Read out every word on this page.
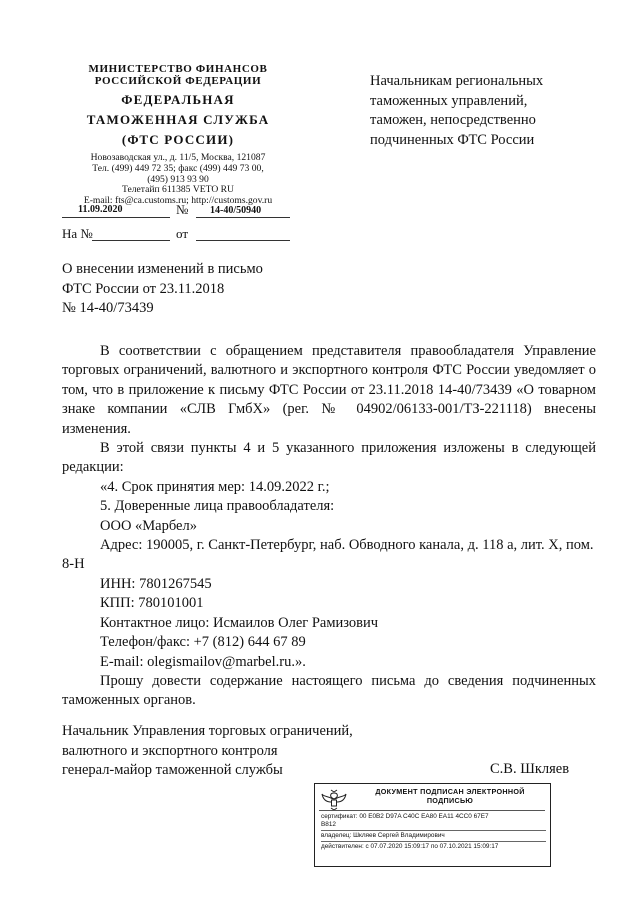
МИНИСТЕРСТВО ФИНАНСОВ
РОССИЙСКОЙ ФЕДЕРАЦИИ
ФЕДЕРАЛЬНАЯ
ТАМОЖЕННАЯ СЛУЖБА
(ФТС РОССИИ)
Новозаводская ул., д. 11/5, Москва, 121087
Тел. (499) 449 72 35; факс (499) 449 73 00,
(495) 913 93 90
Телетайп 611385 VETO RU
E-mail: fts@ca.customs.ru; http://customs.gov.ru
11.09.2020	№ 14-40/50940
На №	от
Начальникам региональных
таможенных управлений,
таможен, непосредственно
подчиненных ФТС России
О внесении изменений в письмо
ФТС России от 23.11.2018
№ 14-40/73439

В соответствии с обращением представителя правообладателя Управление торговых ограничений, валютного и экспортного контроля ФТС России уведомляет о том, что в приложение к письму ФТС России от 23.11.2018 14-40/73439 «О товарном знаке компании «СЛВ ГмбХ» (рег. № 04902/06133-001/ТЗ-221118) внесены изменения.

В этой связи пункты 4 и 5 указанного приложения изложены в следующей редакции:

«4. Срок принятия мер: 14.09.2022 г.;

5. Доверенные лица правообладателя:

ООО «Марбел»

Адрес: 190005, г. Санкт-Петербург, наб. Обводного канала, д. 118 а, лит. Х, пом. 8-Н

ИНН: 7801267545

КПП: 780101001

Контактное лицо: Исмаилов Олег Рамизович

Телефон/факс: +7 (812) 644 67 89

E-mail: olegismailov@marbel.ru.».

Прошу довести содержание настоящего письма до сведения подчиненных таможенных органов.

Начальник Управления торговых ограничений,
валютного и экспортного контроля
генерал-майор таможенной службы	С.В. Шкляев
ДОКУМЕНТ ПОДПИСАН ЭЛЕКТРОННОЙ
ПОДПИСЬЮ
сертификат: 00 E0B2 D97A C40C EA80 EA11 4CC0 67E7
B812
владелец: Шкляев Сергей Владимирович
действителен: с 07.07.2020 15:09:17 по 07.10.2021 15:09:17
